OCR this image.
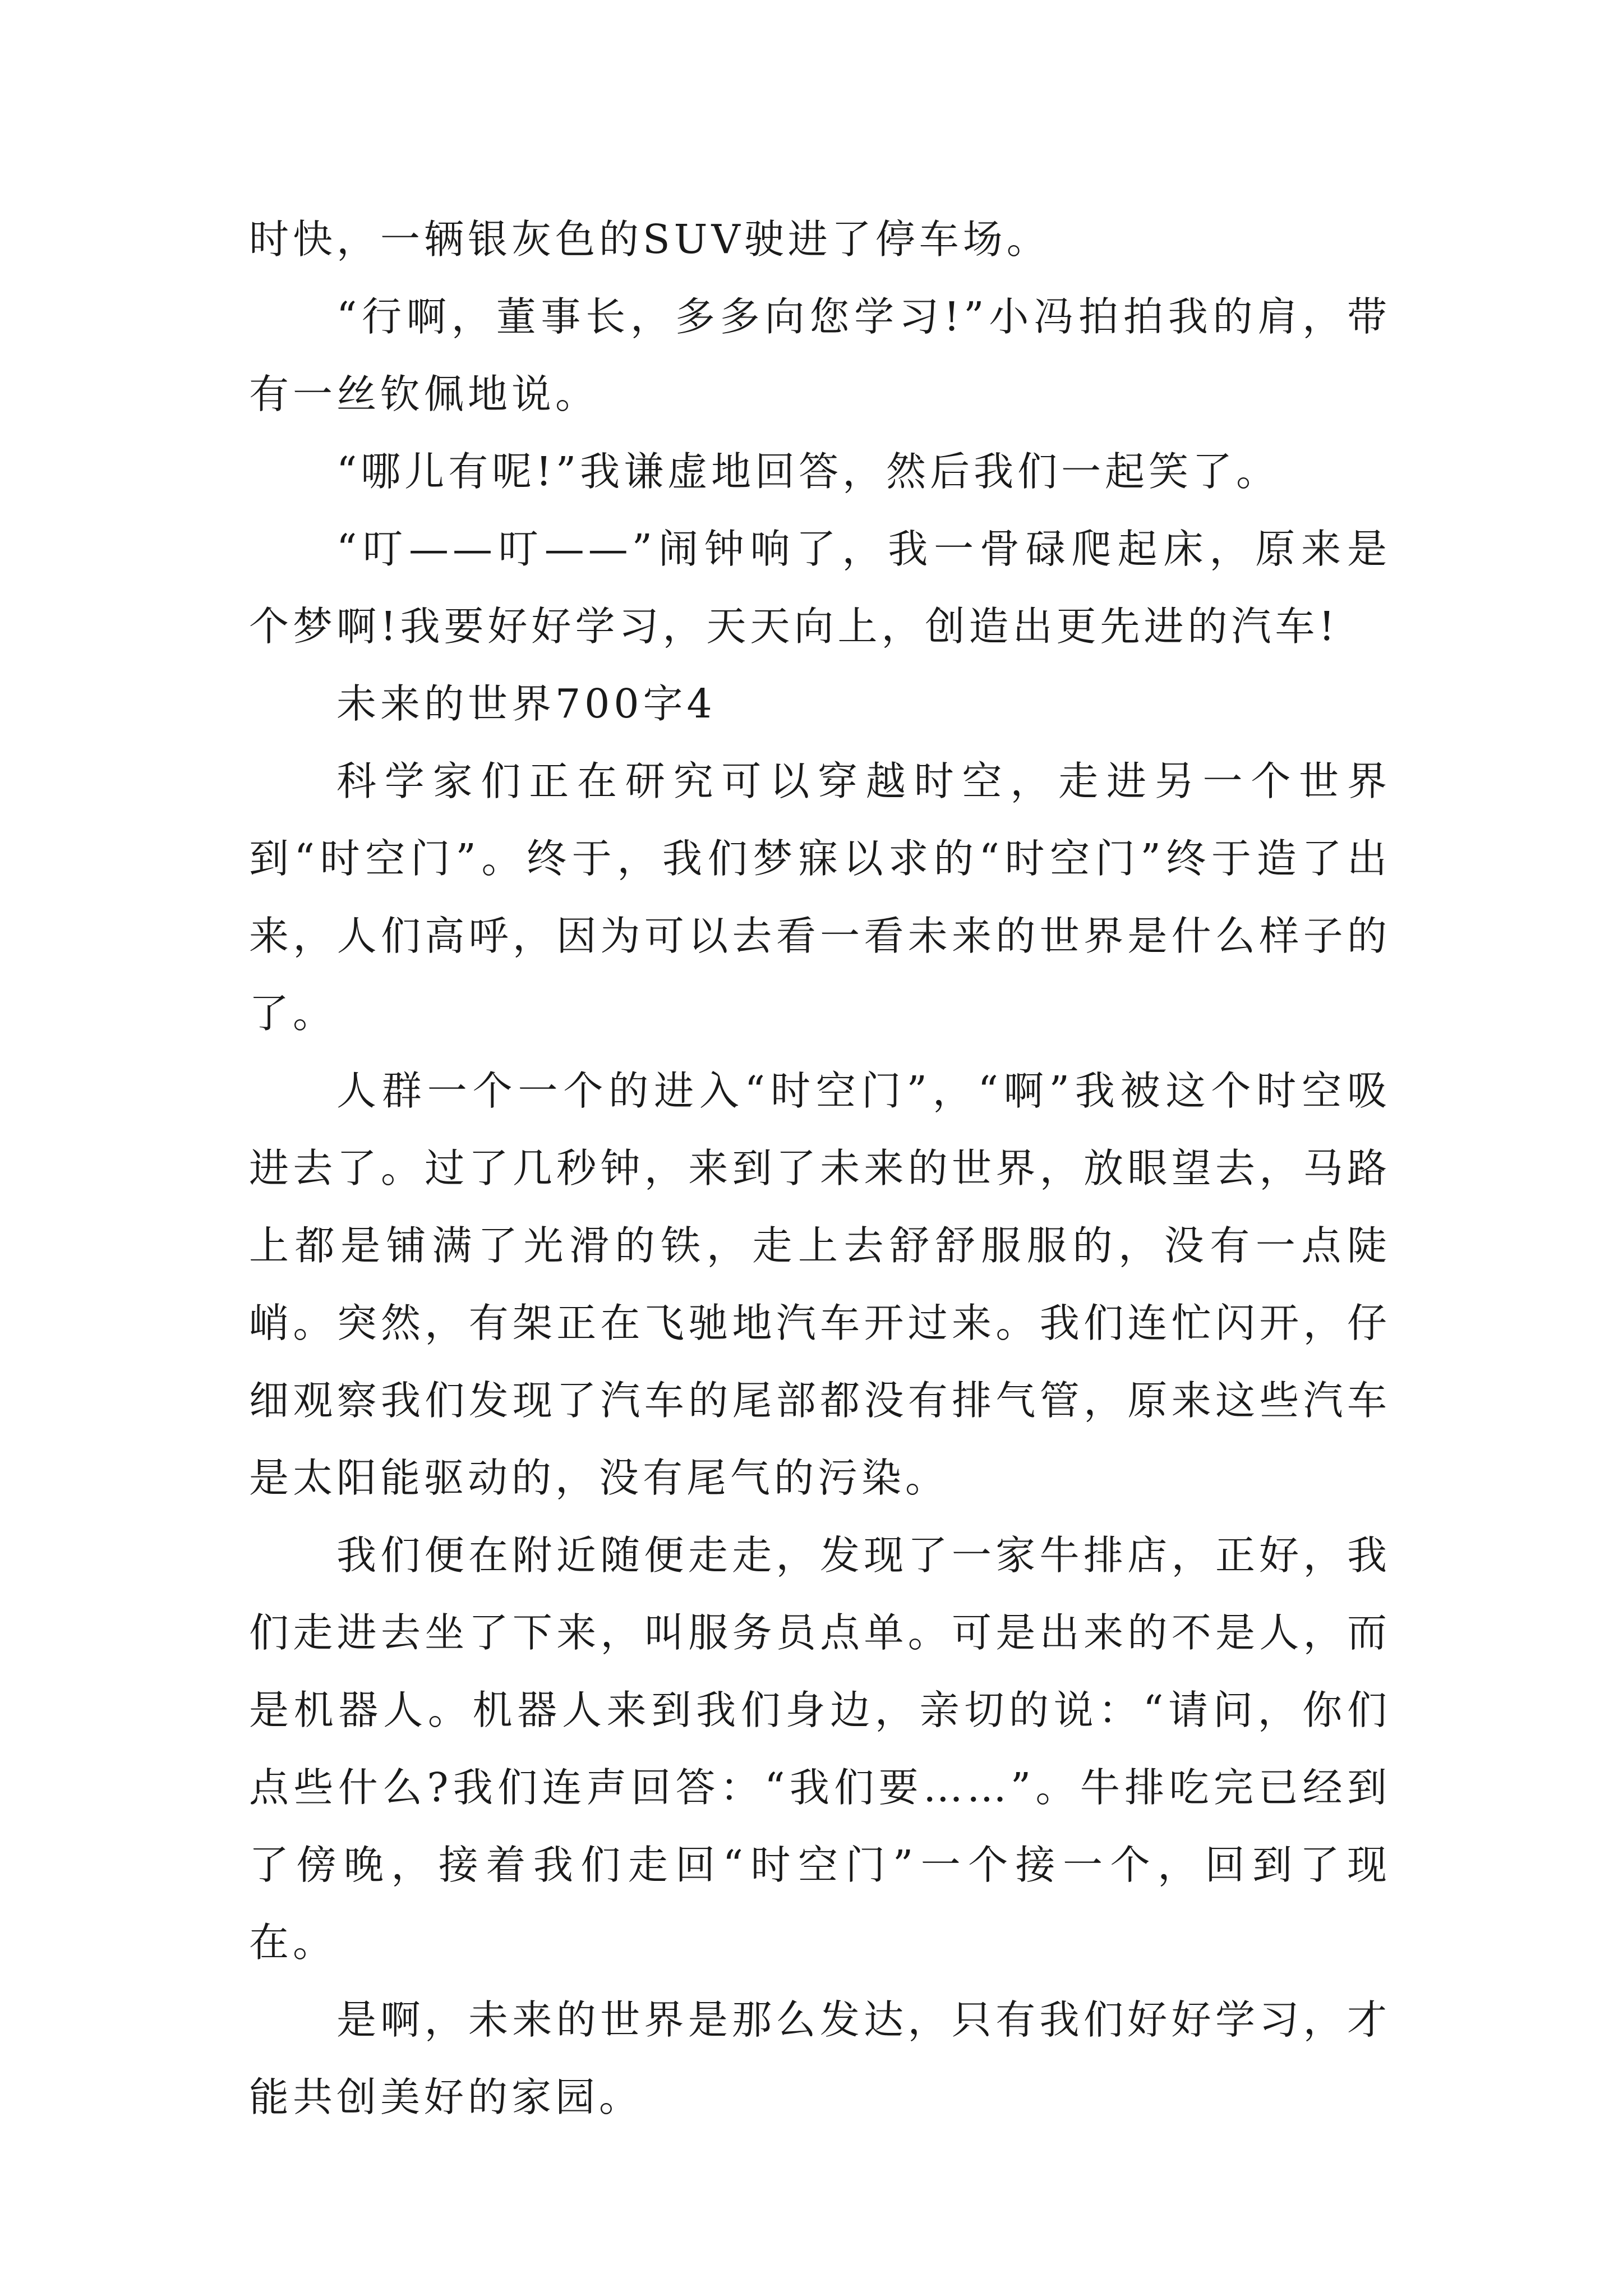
时快，一辆银灰色的SUV驶进了停车场。

“行啊，董事长，多多向您学习!”小冯拍拍我的肩，带有一丝钦佩地说。

“哪儿有呢!”我谦虚地回答，然后我们一起笑了。

“叮——叮——”闹钟响了，我一骨碌爬起床，原来是个梦啊!我要好好学习，天天向上，创造出更先进的汽车!

未来的世界700字4

科学家们正在研究可以穿越时空，走进另一个世界到“时空门”。终于，我们梦寐以求的“时空门”终于造了出来，人们高呼，因为可以去看一看未来的世界是什么样子的了。

人群一个一个的进入“时空门”，“啊”我被这个时空吸进去了。过了几秒钟，来到了未来的世界，放眼望去，马路上都是铺满了光滑的铁，走上去舒舒服服的，没有一点陡峭。突然，有架正在飞驰地汽车开过来。我们连忙闪开，仔细观察我们发现了汽车的尾部都没有排气管，原来这些汽车是太阳能驱动的，没有尾气的污染。

我们便在附近随便走走，发现了一家牛排店，正好，我们走进去坐了下来，叫服务员点单。可是出来的不是人，而是机器人。机器人来到我们身边，亲切的说：“请问，你们点些什么?我们连声回答：“我们要……”。牛排吃完已经到了傍晚，接着我们走回“时空门”一个接一个，回到了现在。

是啊，未来的世界是那么发达，只有我们好好学习，才能共创美好的家园。
